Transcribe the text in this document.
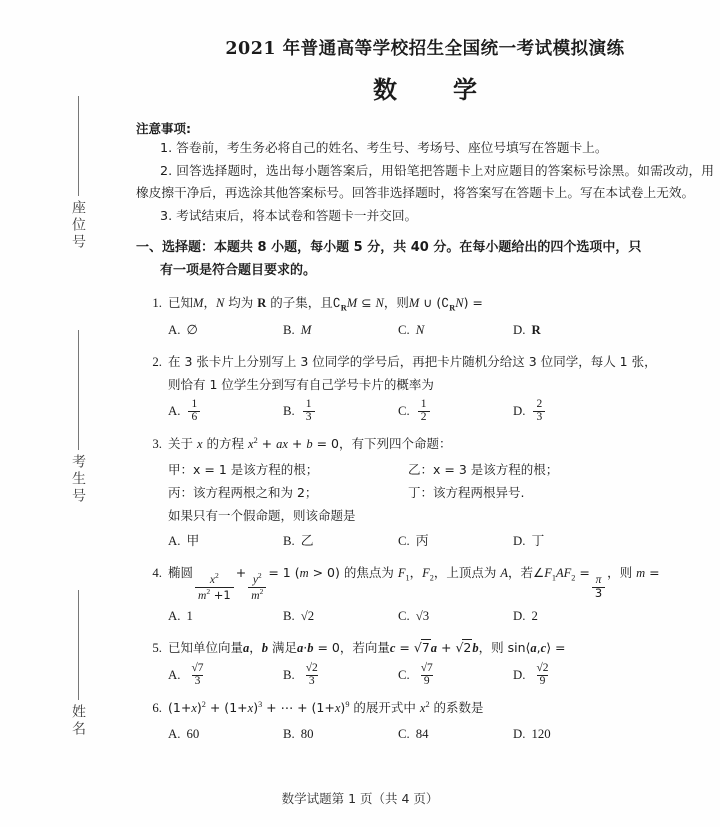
座位号
考生号
姓名
2021 年普通高等学校招生全国统一考试模拟演练
数　学
注意事项:
1. 答卷前，考生务必将自己的姓名、考生号、考场号、座位号填写在答题卡上。
2. 回答选择题时，选出每小题答案后，用铅笔把答题卡上对应题目的答案标号涂黑。如需改动，用橡皮擦干净后，再选涂其他答案标号。回答非选择题时，将答案写在答题卡上。写在本试卷上无效。
3. 考试结束后，将本试卷和答题卡一并交回。
一、选择题：本题共 8 小题，每小题 5 分，共 40 分。在每小题给出的四个选项中，只
有一项是符合题目要求的。
1. 已知M，N 均为 R 的子集，且$∁_RM$ ⊆ N，则M ∪ $(∁_RN)$ =
A. ∅	B. M	C. N	D. R
2. 在 3 张卡片上分别写上 3 位同学的学号后，再把卡片随机分给这 3 位同学，每人 1 张，
则恰有 1 位学生分到写有自己学号卡片的概率为
A. $\frac{1}{6}$	B. $\frac{1}{3}$	C. $\frac{1}{2}$	D. $\frac{2}{3}$
3. 关于 x 的方程 $x^2$ + ax + b = 0，有下列四个命题：
甲：x = 1 是该方程的根；	乙：x = 3 是该方程的根；
丙：该方程两根之和为 2；	丁：该方程两根异号.
如果只有一个假命题，则该命题是
A. 甲	B. 乙	C. 丙	D. 丁
4. 椭圆 $\frac{x^2}{m^2 +1} + \frac{y^2}{m^2} = 1$ (m > 0) 的焦点为 $F_1$，$F_2$，上顶点为 A，若$\angle F_1AF_2$ =
$\frac{\pi}{3}$
，则 m =
A. 1	B. √2	C. √3	D. 2
5. 已知单位向量a，b 满足a·b = 0，若向量c = √7a + √2b，则 sin⟨a,c⟩ =
A. $\frac{√7}{3}$	B. $\frac{√2}{3}$	C. $\frac{√7}{9}$	D. $\frac{√2}{9}$
6. $(1+x)^2 + (1+x)^3$ + ⋯ + $(1+x)^9$ 的展开式中 $x^2$ 的系数是
A. 60	B. 80	C. 84	D. 120
数学试题第 1 页（共 4 页）
